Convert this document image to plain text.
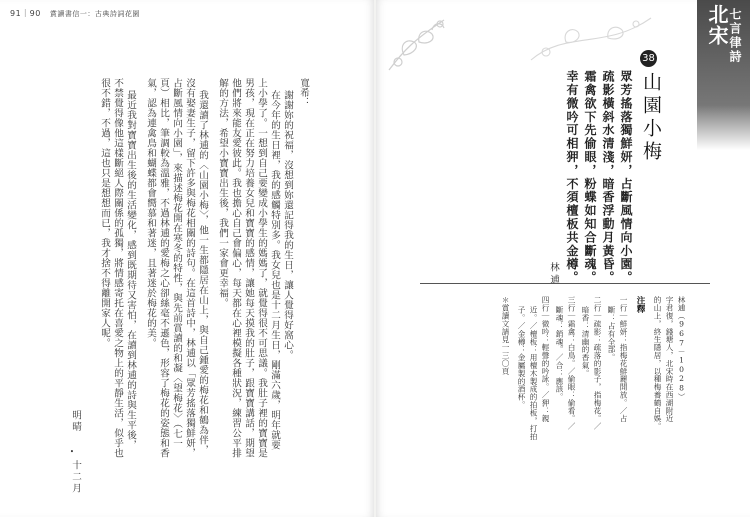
91｜90 賞讀書信一：古典詩詞花園
寬希：
謝謝妳的祝福，沒想到妳還記得我的生日，讓人覺得好窩心。
在今年的生日裡，我的感觸特別多。我女兒也是十二月生日，剛滿六歲，明年就要
上小學了。一想到自己要變成小學生的媽媽了，就覺得很不可思議。我肚子裡的寶寶是
男孩，現在正在努力培養女兒和寶寶的感情，讓她每天摸我的肚子，跟寶寶講話，期望
他們將來能友愛彼此。我也擔心自己會偏心，每天都在心裡模擬各種狀況，練習公平排
解的方法，希望小寶寶出生後，我們一家會更幸福。
我還讀了林逋的〈山園小梅〉，他一生都隱居在山上，與自己鍾愛的梅花和鶴為伴，
沒有娶妻生子，留下許多與梅花相關的詩句。在這首詩中，林逋以「眾芳搖落獨鮮妍，
占斷風情向小園」，來描述梅花開在寒冬的特性，與先前賞讀的和凝〈望梅花〉（七一
頁）相比，筆調較為溫雅，不過林逋的愛梅之心卻絲毫不遜色，形容了梅花的姿態和香
氣，認為連禽鳥和蝴蝶都會嚮慕和著迷，且著迷於梅花的美。
最近我對寶寶出生後的生活變化，感到既期待又害怕，在讀到林逋的詩與生平後，
不禁覺得像他這樣斷絕人際關係的孤獨，將情感寄托在喜愛之物上的平靜生活，似乎也
很不錯，不過，這也只是想想而已，我才捨不得離開家人呢。
明晴
•
十二月
38
山園小梅
眾芳搖落獨鮮妍，占斷風情向小園。
疏影橫斜水清淺，暗香浮動月黃昏。
霜禽欲下先偷眼，粉蝶如知合斷魂。
幸有微吟可相狎，不須檀板共金樽。
林逋
林逋（967－1028）
字君復，錢塘人，北宋時在西湖附近
的山上，終生隱居，以種梅養鶴自娛。
注釋
一行｜鮮妍：指梅花鮮麗開放。／占
斷：占有全部。
二行｜疏影：疏落的影子，指梅花。／
暗香：清幽的香氣。
三行｜霜禽：白鳥。／偷眼：偷看。／
斷魂：銷魂。／合：應該。
四行｜微吟：輕聲的吟詠。／狎：親
近。／檀板：用檀木製成的拍板，打拍
子。／金樽：金屬製的酒杯。
＊賞讀文請見一三〇頁
北宋 七言律詩
